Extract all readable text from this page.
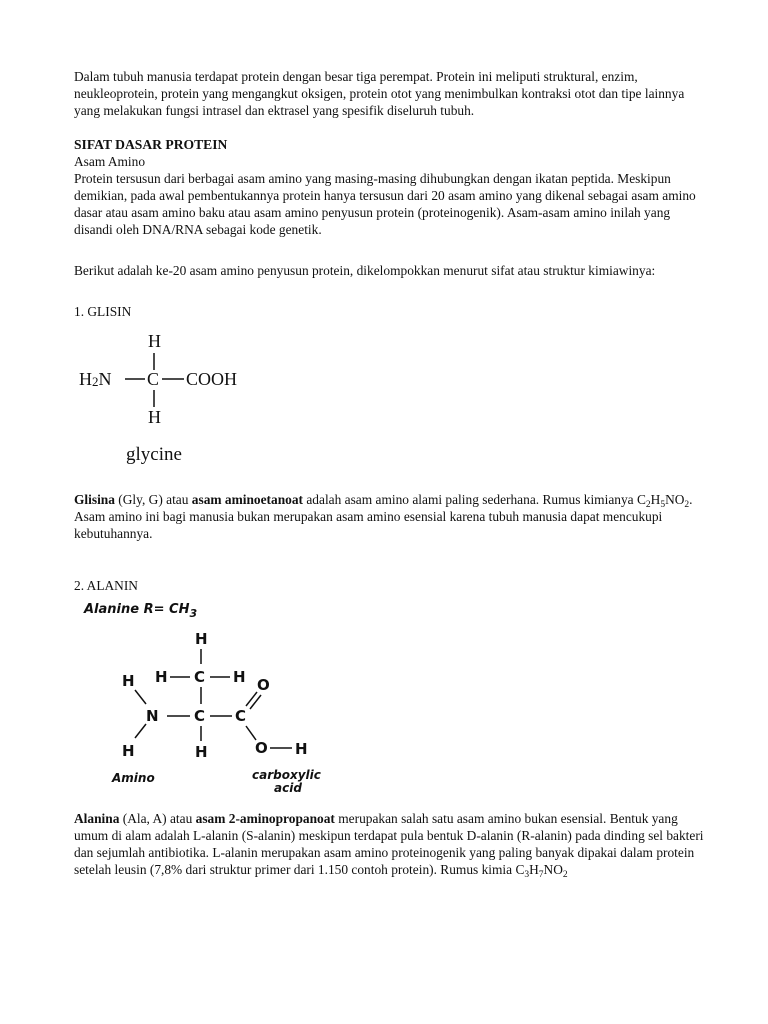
Dalam tubuh manusia terdapat protein dengan besar tiga perempat. Protein ini meliputi struktural, enzim, neukleoprotein, protein yang mengangkut oksigen, protein otot yang menimbulkan kontraksi otot dan tipe lainnya yang melakukan fungsi intrasel dan ektrasel yang spesifik diseluruh tubuh.

SIFAT DASAR PROTEIN

Asam Amino

Protein tersusun dari berbagai asam amino yang masing-masing dihubungkan dengan ikatan peptida. Meskipun demikian, pada awal pembentukannya protein hanya tersusun dari 20 asam amino yang dikenal sebagai asam amino dasar atau asam amino baku atau asam amino penyusun protein (proteinogenik). Asam-asam amino inilah yang disandi oleh DNA/RNA sebagai kode genetik.

Berikut adalah ke-20 asam amino penyusun protein, dikelompokkan menurut sifat atau struktur kimiawinya:

1. GLISIN

H
H2N C COOH
H
glycine

Glisina (Gly, G) atau asam aminoetanoat adalah asam amino alami paling sederhana. Rumus kimianya $C_2H_5NO_2$. Asam amino ini bagi manusia bukan merupakan asam amino esensial karena tubuh manusia dapat mencukupi kebutuhannya.

2. ALANIN

Alanine $R= CH_3$
H
H C H
H
N
H
C C
H
O
O H
Amino	carboxylic
acid

Alanina (Ala, A) atau asam 2-aminopropanoat merupakan salah satu asam amino bukan esensial. Bentuk yang umum di alam adalah L-alanin (S-alanin) meskipun terdapat pula bentuk D-alanin (R-alanin) pada dinding sel bakteri dan sejumlah antibiotika. L-alanin merupakan asam amino proteinogenik yang paling banyak dipakai dalam protein setelah leusin (7,8% dari struktur primer dari 1.150 contoh protein). Rumus kimia $C_3H_7NO_2$
